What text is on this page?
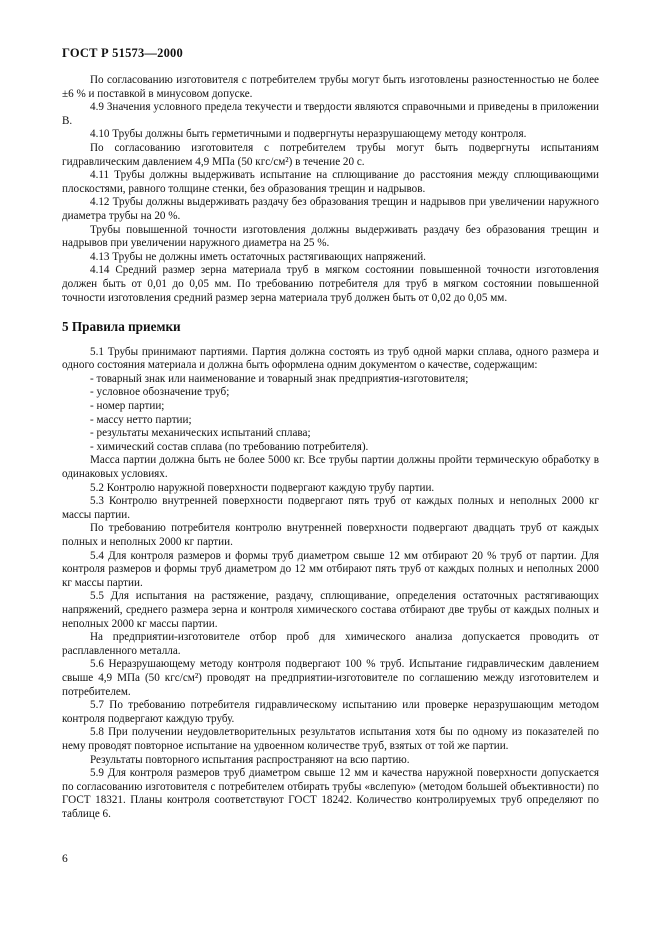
ГОСТ Р 51573—2000

По согласованию изготовителя с потребителем трубы могут быть изготовлены разностенностью не более ±6 % и поставкой в минусовом допуске.

4.9 Значения условного предела текучести и твердости являются справочными и приведены в приложении В.

4.10 Трубы должны быть герметичными и подвергнуты неразрушающему методу контроля.

По согласованию изготовителя с потребителем трубы могут быть подвергнуты испытаниям гидравлическим давлением 4,9 МПа (50 кгс/см²) в течение 20 с.

4.11 Трубы должны выдерживать испытание на сплющивание до расстояния между сплющивающими плоскостями, равного толщине стенки, без образования трещин и надрывов.

4.12 Трубы должны выдерживать раздачу без образования трещин и надрывов при увеличении наружного диаметра трубы на 20 %.

Трубы повышенной точности изготовления должны выдерживать раздачу без образования трещин и надрывов при увеличении наружного диаметра на 25 %.

4.13 Трубы не должны иметь остаточных растягивающих напряжений.

4.14 Средний размер зерна материала труб в мягком состоянии повышенной точности изготовления должен быть от 0,01 до 0,05 мм. По требованию потребителя для труб в мягком состоянии повышенной точности изготовления средний размер зерна материала труб должен быть от 0,02 до 0,05 мм.

5 Правила приемки

5.1 Трубы принимают партиями. Партия должна состоять из труб одной марки сплава, одного размера и одного состояния материала и должна быть оформлена одним документом о качестве, содержащим:

- товарный знак или наименование и товарный знак предприятия-изготовителя;

- условное обозначение труб;

- номер партии;

- массу нетто партии;

- результаты механических испытаний сплава;

- химический состав сплава (по требованию потребителя).

Масса партии должна быть не более 5000 кг. Все трубы партии должны пройти термическую обработку в одинаковых условиях.

5.2 Контролю наружной поверхности подвергают каждую трубу партии.

5.3 Контролю внутренней поверхности подвергают пять труб от каждых полных и неполных 2000 кг массы партии.

По требованию потребителя контролю внутренней поверхности подвергают двадцать труб от каждых полных и неполных 2000 кг партии.

5.4 Для контроля размеров и формы труб диаметром свыше 12 мм отбирают 20 % труб от партии. Для контроля размеров и формы труб диаметром до 12 мм отбирают пять труб от каждых полных и неполных 2000 кг массы партии.

5.5 Для испытания на растяжение, раздачу, сплющивание, определения остаточных растягивающих напряжений, среднего размера зерна и контроля химического состава отбирают две трубы от каждых полных и неполных 2000 кг массы партии.

На предприятии-изготовителе отбор проб для химического анализа допускается проводить от расплавленного металла.

5.6 Неразрушающему методу контроля подвергают 100 % труб. Испытание гидравлическим давлением свыше 4,9 МПа (50 кгс/см²) проводят на предприятии-изготовителе по соглашению между изготовителем и потребителем.

5.7 По требованию потребителя гидравлическому испытанию или проверке неразрушающим методом контроля подвергают каждую трубу.

5.8 При получении неудовлетворительных результатов испытания хотя бы по одному из показателей по нему проводят повторное испытание на удвоенном количестве труб, взятых от той же партии.

Результаты повторного испытания распространяют на всю партию.

5.9 Для контроля размеров труб диаметром свыше 12 мм и качества наружной поверхности допускается по согласованию изготовителя с потребителем отбирать трубы «вслепую» (методом большей объективности) по ГОСТ 18321. Планы контроля соответствуют ГОСТ 18242. Количество контролируемых труб определяют по таблице 6.

6
